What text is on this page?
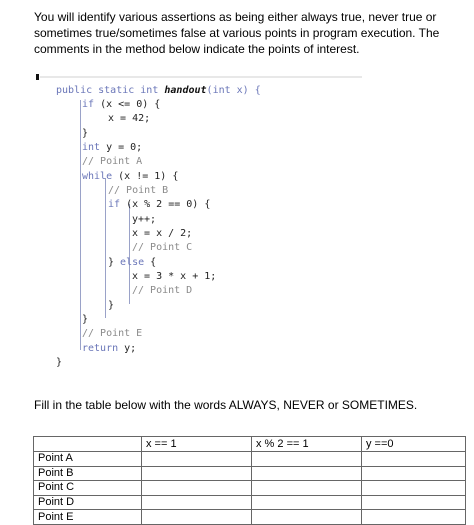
You will identify various assertions as being either always true, never true or sometimes true/sometimes false at various points in program execution. The comments in the method below indicate the points of interest.
public static int handout(int x) {
if (x <= 0) {
x = 42;
}
int y = 0;
// Point A
while (x != 1) {
// Point B
if (x % 2 == 0) {
y++;
x = x / 2;
// Point C
} else {
x = 3 * x + 1;
// Point D
}
}
// Point E
return y;
}
Fill in the table below with the words ALWAYS, NEVER or SOMETIMES.
	x == 1	x % 2 == 1	y ==0
Point A			
Point B			
Point C			
Point D			
Point E			
